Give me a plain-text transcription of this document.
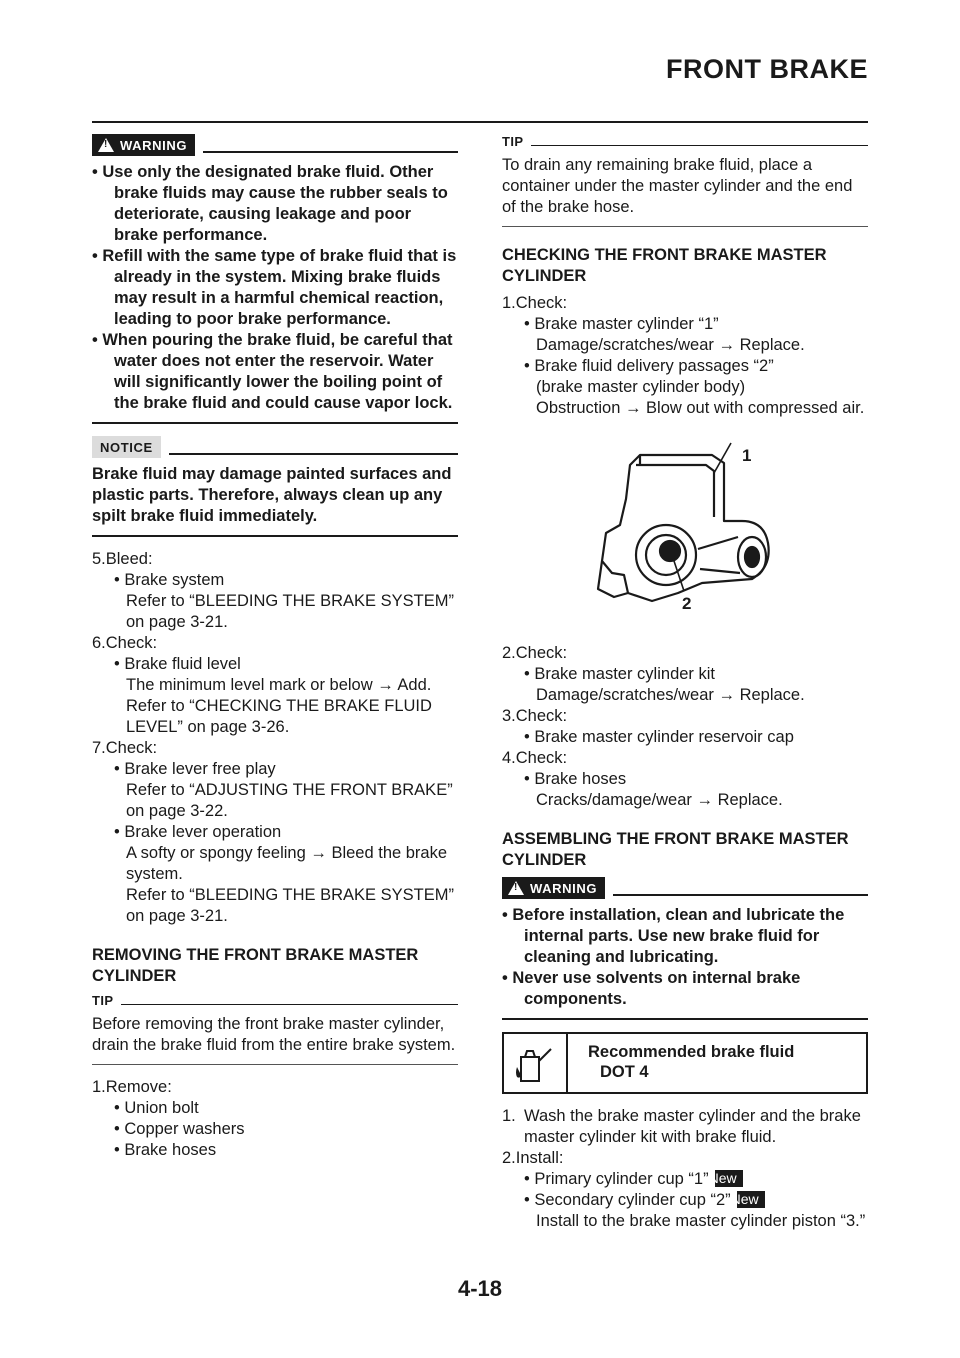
FRONT BRAKE
! WARNING
• Use only the designated brake fluid. Other brake fluids may cause the rubber seals to deteriorate, causing leakage and poor brake performance.
• Refill with the same type of brake fluid that is already in the system. Mixing brake fluids may result in a harmful chemical reaction, leading to poor brake performance.
• When pouring the brake fluid, be careful that water does not enter the reservoir. Water will significantly lower the boiling point of the brake fluid and could cause vapor lock.
NOTICE
Brake fluid may damage painted surfaces and plastic parts. Therefore, always clean up any spilt brake fluid immediately.
5.Bleed:
• Brake system
Refer to “BLEEDING THE BRAKE SYSTEM” on page 3-21.
6.Check:
• Brake fluid level
The minimum level mark or below → Add.
Refer to “CHECKING THE BRAKE FLUID LEVEL” on page 3-26.
7.Check:
• Brake lever free play
Refer to “ADJUSTING THE FRONT BRAKE” on page 3-22.
• Brake lever operation
A softy or spongy feeling → Bleed the brake system.
Refer to “BLEEDING THE BRAKE SYSTEM” on page 3-21.
REMOVING THE FRONT BRAKE MASTER CYLINDER
TIP
Before removing the front brake master cylinder, drain the brake fluid from the entire brake system.
1.Remove:
• Union bolt
• Copper washers
• Brake hoses
TIP
To drain any remaining brake fluid, place a container under the master cylinder and the end of the brake hose.
CHECKING THE FRONT BRAKE MASTER CYLINDER
1.Check:
• Brake master cylinder “1”
Damage/scratches/wear → Replace.
• Brake fluid delivery passages “2”
(brake master cylinder body)
Obstruction → Blow out with compressed air.
1
2
2.Check:
• Brake master cylinder kit
Damage/scratches/wear → Replace.
3.Check:
• Brake master cylinder reservoir cap
4.Check:
• Brake hoses
Cracks/damage/wear → Replace.
ASSEMBLING THE FRONT BRAKE MASTER CYLINDER
! WARNING
• Before installation, clean and lubricate the internal parts. Use new brake fluid for cleaning and lubricating.
• Never use solvents on internal brake components.
Recommended brake fluid
DOT 4
1. Wash the brake master cylinder and the brake master cylinder kit with brake fluid.
2.Install:
• Primary cylinder cup “1”New
• Secondary cylinder cup “2”New
Install to the brake master cylinder piston “3.”
4-18
